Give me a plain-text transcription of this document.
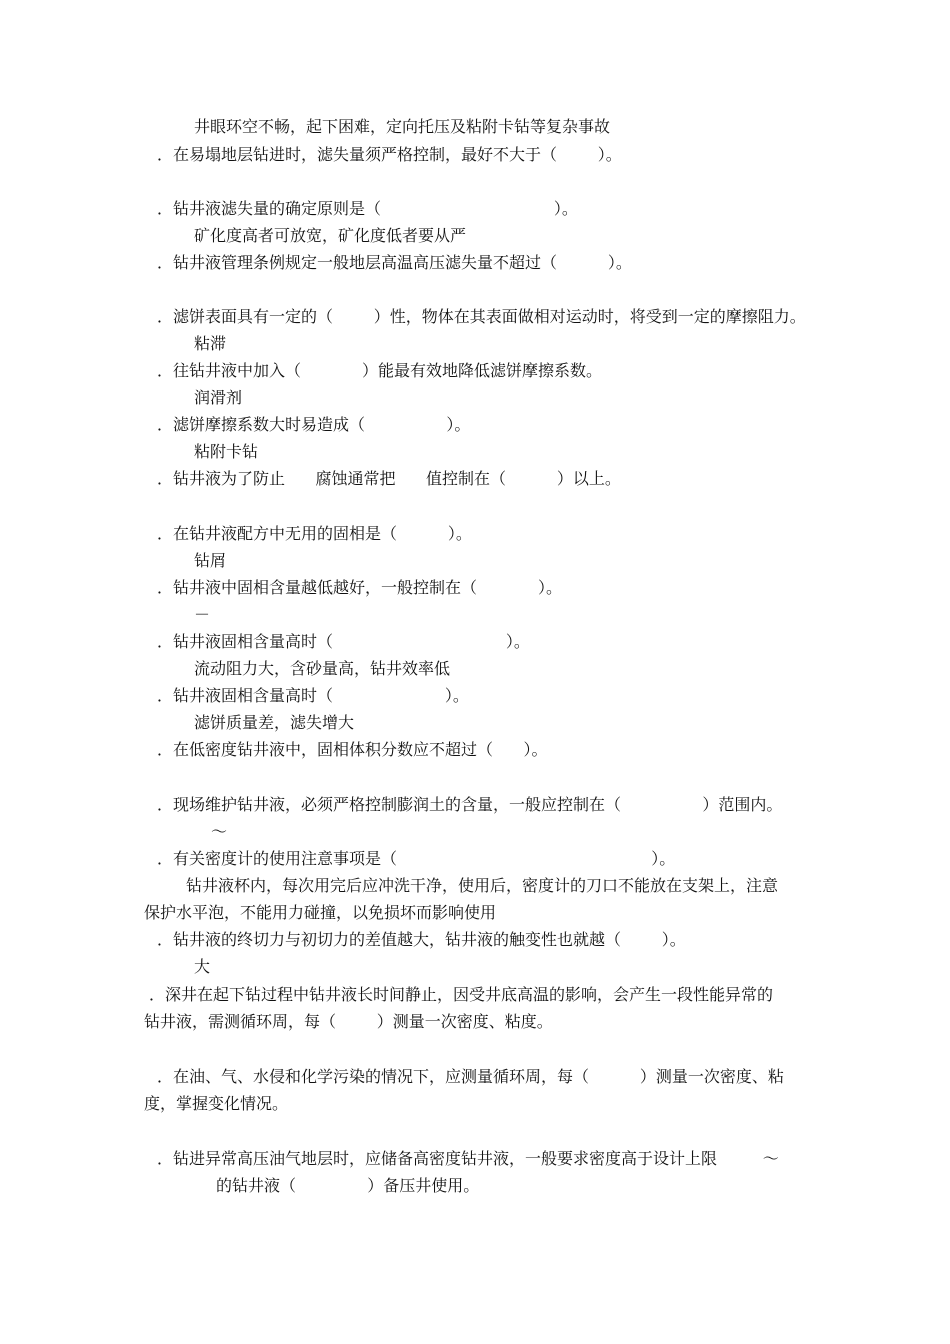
井眼环空不畅，起下困难，定向托压及粘附卡钻等复杂事故
．在易塌地层钻进时，滤失量须严格控制，最好不大于（        ）。
．钻井液滤失量的确定原则是（                                  ）。
矿化度高者可放宽，矿化度低者要从严
．钻井液管理条例规定一般地层高温高压滤失量不超过（          ）。
．滤饼表面具有一定的（        ）性，物体在其表面做相对运动时，将受到一定的摩擦阻力。
粘滞
．往钻井液中加入（            ）能最有效地降低滤饼摩擦系数。
润滑剂
．滤饼摩擦系数大时易造成（                ）。
粘附卡钻
．钻井液为了防止      腐蚀通常把      值控制在（          ）以上。
．在钻井液配方中无用的固相是（          ）。
钻屑
．钻井液中固相含量越低越好，一般控制在（            ）。
－
．钻井液固相含量高时（                                  ）。
流动阻力大，含砂量高，钻井效率低
．钻井液固相含量高时（                      ）。
滤饼质量差，滤失增大
．在低密度钻井液中，固相体积分数应不超过（      ）。
．现场维护钻井液，必须严格控制膨润土的含量，一般应控制在（                ）范围内。
～
．有关密度计的使用注意事项是（                                                  ）。
钻井液杯内，每次用完后应冲洗干净，使用后，密度计的刀口不能放在支架上，注意
保护水平泡，不能用力碰撞，以免损坏而影响使用
．钻井液的终切力与初切力的差值越大，钻井液的触变性也就越（        ）。
大
．深井在起下钻过程中钻井液长时间静止，因受井底高温的影响，会产生一段性能异常的
钻井液，需测循环周，每（        ）测量一次密度、粘度。
．在油、气、水侵和化学污染的情况下，应测量循环周，每（          ）测量一次密度、粘
度，掌握变化情况。
．钻进异常高压油气地层时，应储备高密度钻井液，一般要求密度高于设计上限         ～
的钻井液（              ）备压井使用。
